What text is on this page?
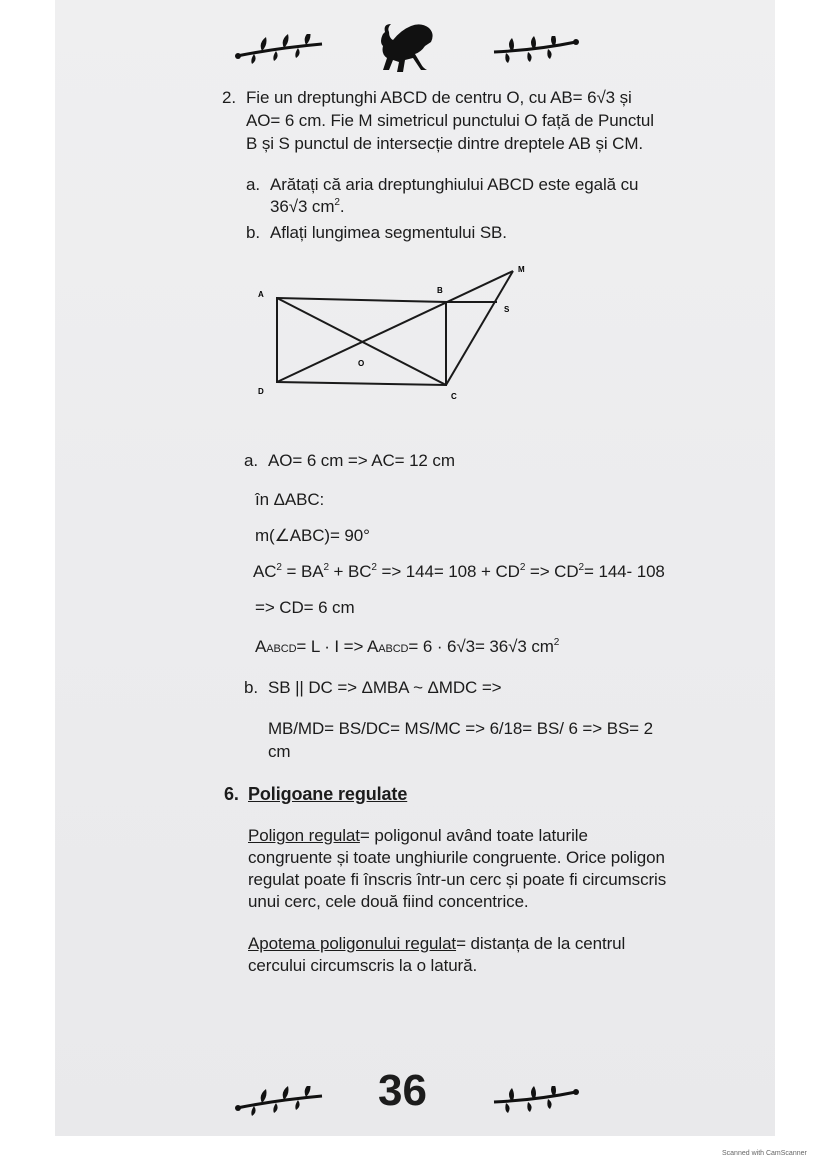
2. Fie un dreptunghi ABCD de centru O, cu AB= 6√3 și
AO= 6 cm. Fie M simetricul punctului O față de Punctul
B și S punctul de intersecție dintre dreptele AB și CM.
a. Arătați că aria dreptunghiului ABCD este egală cu
36√3 $cm^2$.
b. Aflați lungimea segmentului SB.
A	B
S
M
O
D
C
a. AO= 6 cm => AC= 12 cm
în ΔABC:
m(∠ABC)= 90°
$AC^2 = BA^2 + BC^2 => 144= 108 + CD^2 => CD^2= 144-$ 108
=> CD= 6 cm
AABCD= L · I => AABCD= 6 · 6√3= 36√3 $cm^2$
b. SB || DC => ΔMBA ~ ΔMDC =>
MB/MD= BS/DC= MS/MC => 6/18= BS/ 6 => BS= 2
cm
6. Poligoane regulate
Poligon regulat= poligonul având toate laturile
congruente și toate unghiurile congruente. Orice poligon
regulat poate fi înscris într-un cerc și poate fi circumscris
unui cerc, cele două fiind concentrice.
Apotema poligonului regulat= distanța de la centrul
cercului circumscris la o latură.
36
Scanned with CamScanner
